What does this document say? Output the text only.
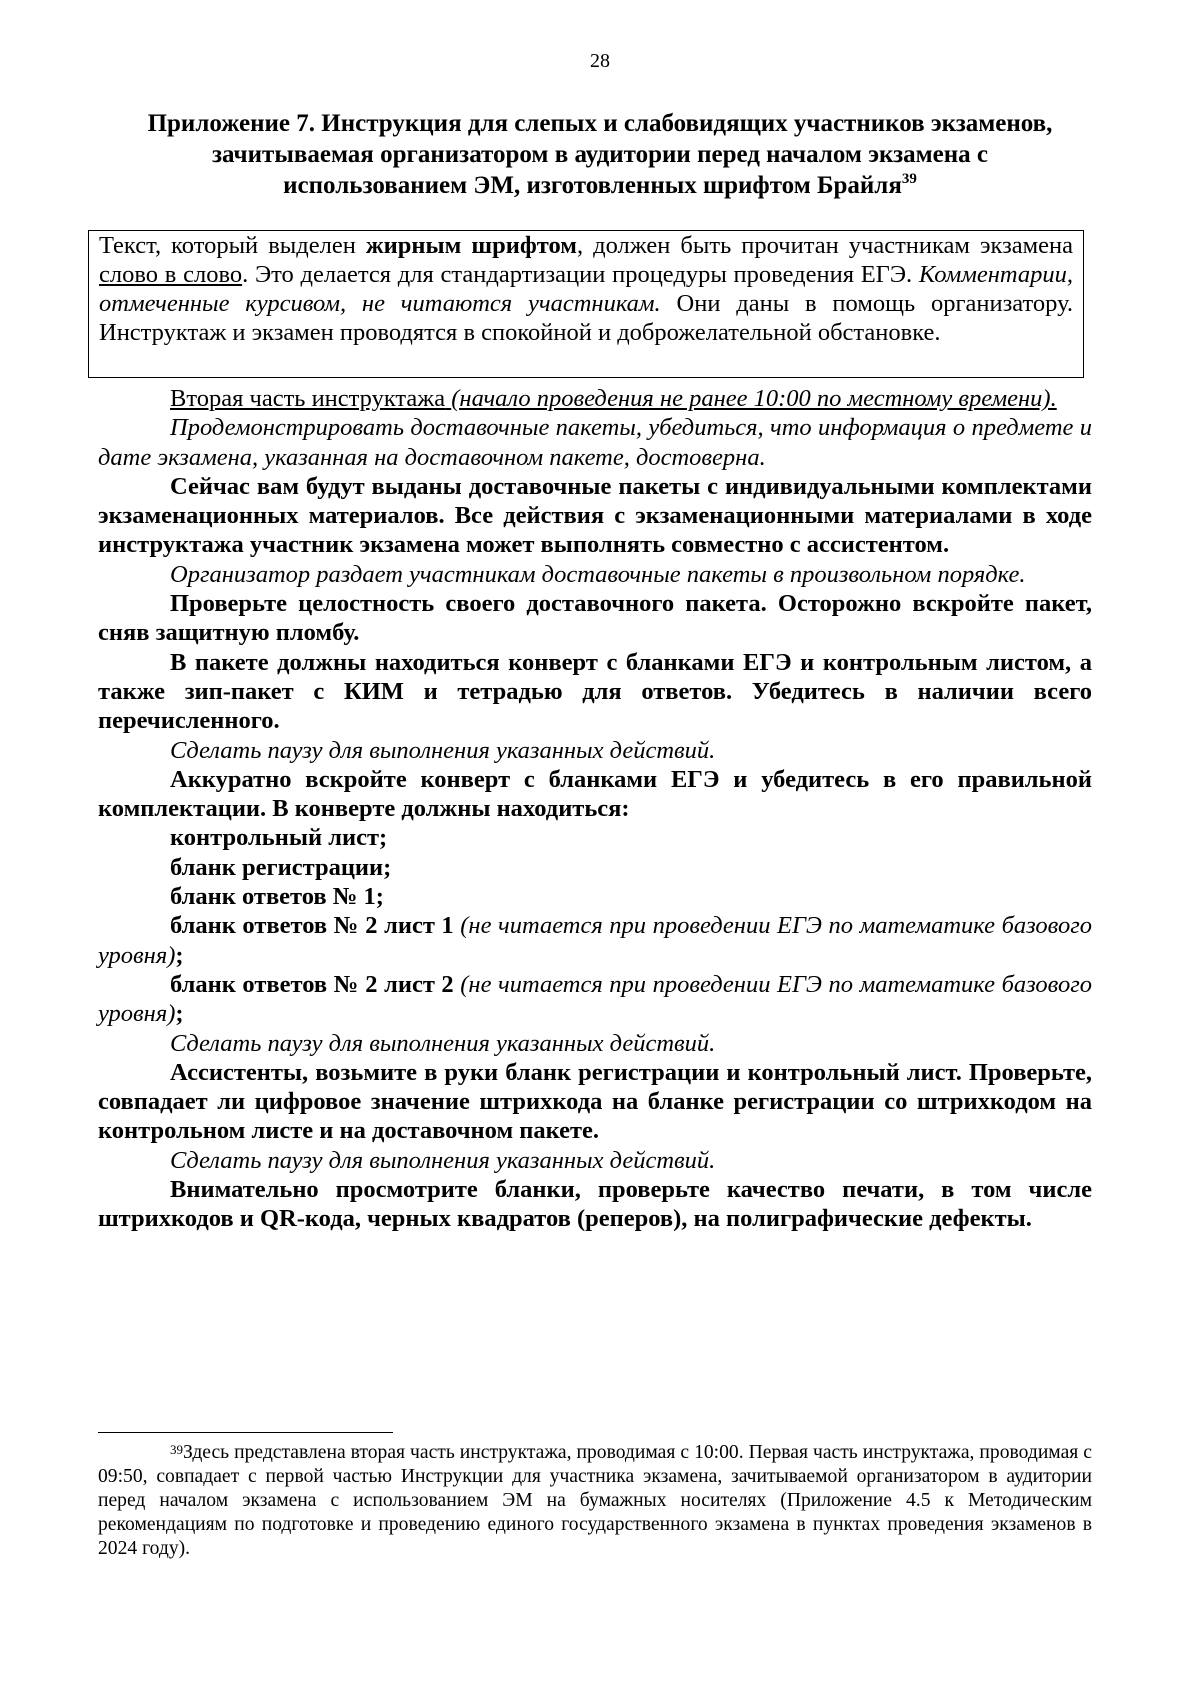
28
Приложение 7. Инструкция для слепых и слабовидящих участников экзаменов,
зачитываемая организатором в аудитории перед началом экзамена с
использованием ЭМ, изготовленных шрифтом Брайля$^{39}$

Текст, который выделен жирным шрифтом, должен быть прочитан участникам экзамена слово в слово. Это делается для стандартизации процедуры проведения ЕГЭ. Комментарии, отмеченные курсивом, не читаются участникам. Они даны в помощь организатору. Инструктаж и экзамен проводятся в спокойной и доброжелательной обстановке.

Вторая часть инструктажа (начало проведения не ранее 10:00 по местному времени).

Продемонстрировать доставочные пакеты, убедиться, что информация о предмете и дате экзамена, указанная на доставочном пакете, достоверна.

Сейчас вам будут выданы доставочные пакеты с индивидуальными комплектами экзаменационных материалов. Все действия с экзаменационными материалами в ходе инструктажа участник экзамена может выполнять совместно с ассистентом.

Организатор раздает участникам доставочные пакеты в произвольном порядке.

Проверьте целостность своего доставочного пакета. Осторожно вскройте пакет, сняв защитную пломбу.

В пакете должны находиться конверт с бланками ЕГЭ и контрольным листом, а также зип-пакет с КИМ и тетрадью для ответов. Убедитесь в наличии всего перечисленного.

Сделать паузу для выполнения указанных действий.

Аккуратно вскройте конверт с бланками ЕГЭ и убедитесь в его правильной комплектации. В конверте должны находиться:

контрольный лист;

бланк регистрации;

бланк ответов № 1;

бланк ответов № 2 лист 1 (не читается при проведении ЕГЭ по математике базового уровня);

бланк ответов № 2 лист 2 (не читается при проведении ЕГЭ по математике базового уровня);

Сделать паузу для выполнения указанных действий.

Ассистенты, возьмите в руки бланк регистрации и контрольный лист. Проверьте, совпадает ли цифровое значение штрихкода на бланке регистрации со штрихкодом на контрольном листе и на доставочном пакете.

Сделать паузу для выполнения указанных действий.

Внимательно просмотрите бланки, проверьте качество печати, в том числе штрихкодов и QR-кода, черных квадратов (реперов), на полиграфические дефекты.

$^{39}$Здесь представлена вторая часть инструктажа, проводимая с 10:00. Первая часть инструктажа, проводимая с 09:50, совпадает с первой частью Инструкции для участника экзамена, зачитываемой организатором в аудитории перед началом экзамена с использованием ЭМ на бумажных носителях (Приложение 4.5 к Методическим рекомендациям по подготовке и проведению единого государственного экзамена в пунктах проведения экзаменов в 2024 году).
